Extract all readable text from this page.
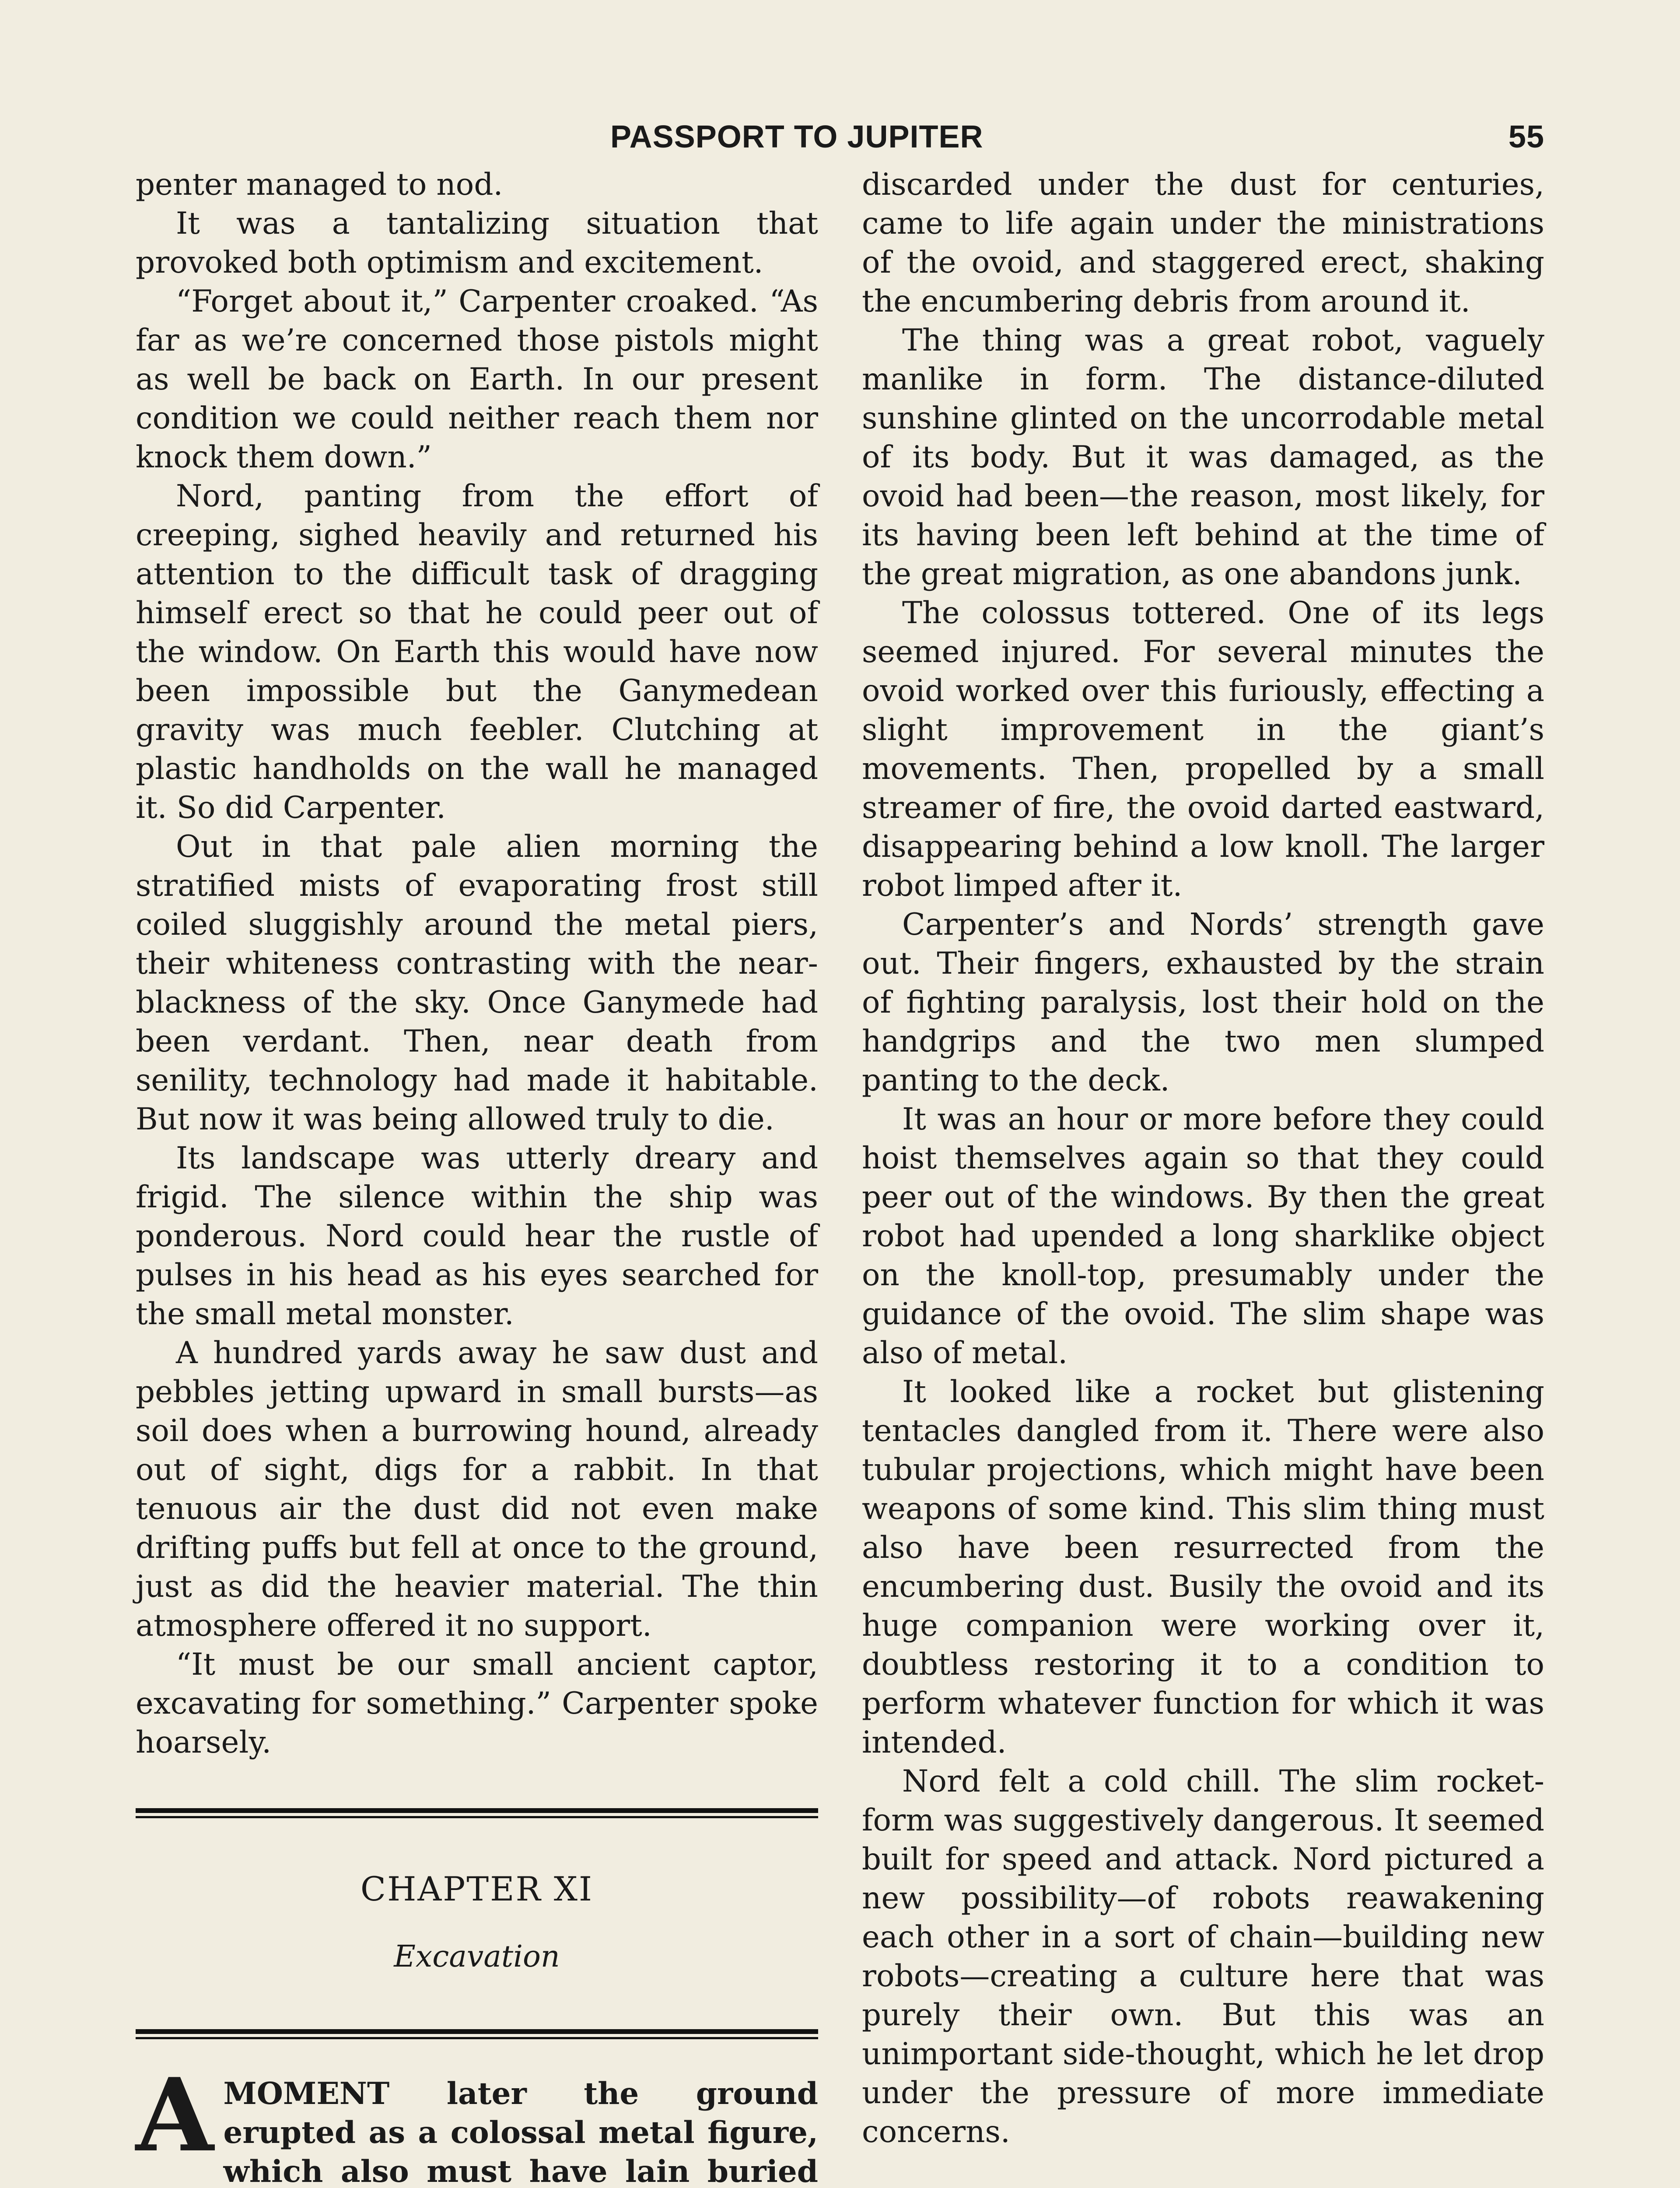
PASSPORT TO JUPITER	55

penter managed to nod.

It was a tantalizing situation that provoked both optimism and excitement.

“Forget about it,” Carpenter croaked. “As far as we’re concerned those pistols might as well be back on Earth. In our present condition we could neither reach them nor knock them down.”

Nord, panting from the effort of creeping, sighed heavily and returned his attention to the difficult task of dragging himself erect so that he could peer out of the window. On Earth this would have now been impossible but the Ganymedean gravity was much feebler. Clutching at plastic handholds on the wall he managed it. So did Carpenter.

Out in that pale alien morning the stratified mists of evaporating frost still coiled sluggishly around the metal piers, their whiteness contrasting with the near-blackness of the sky. Once Ganymede had been verdant. Then, near death from senility, technology had made it habitable. But now it was being allowed truly to die.

Its landscape was utterly dreary and frigid. The silence within the ship was ponderous. Nord could hear the rustle of pulses in his head as his eyes searched for the small metal monster.

A hundred yards away he saw dust and pebbles jetting upward in small bursts—as soil does when a burrowing hound, already out of sight, digs for a rabbit. In that tenuous air the dust did not even make drifting puffs but fell at once to the ground, just as did the heavier material. The thin atmosphere offered it no support.

“It must be our small ancient captor, excavating for something.” Carpenter spoke hoarsely.

CHAPTER XI
Excavation
A MOMENT later the ground erupted as a colossal metal figure, which also must have lain buried

discarded under the dust for centuries, came to life again under the ministrations of the ovoid, and staggered erect, shaking the encumbering debris from around it.

The thing was a great robot, vaguely manlike in form. The distance-diluted sunshine glinted on the uncorrodable metal of its body. But it was damaged, as the ovoid had been—the reason, most likely, for its having been left behind at the time of the great migration, as one abandons junk.

The colossus tottered. One of its legs seemed injured. For several minutes the ovoid worked over this furiously, effecting a slight improvement in the giant’s movements. Then, propelled by a small streamer of fire, the ovoid darted eastward, disappearing behind a low knoll. The larger robot limped after it.

Carpenter’s and Nords’ strength gave out. Their fingers, exhausted by the strain of fighting paralysis, lost their hold on the handgrips and the two men slumped panting to the deck.

It was an hour or more before they could hoist themselves again so that they could peer out of the windows. By then the great robot had upended a long sharklike object on the knoll-top, presumably under the guidance of the ovoid. The slim shape was also of metal.

It looked like a rocket but glistening tentacles dangled from it. There were also tubular projections, which might have been weapons of some kind. This slim thing must also have been resurrected from the encumbering dust. Busily the ovoid and its huge companion were working over it, doubtless restoring it to a condition to perform whatever function for which it was intended.

Nord felt a cold chill. The slim rocket-form was suggestively dangerous. It seemed built for speed and attack. Nord pictured a new possibility—of robots reawakening each other in a sort of chain—building new robots—creating a culture here that was purely their own. But this was an unimportant side-thought, which he let drop under the pressure of more immediate concerns.
